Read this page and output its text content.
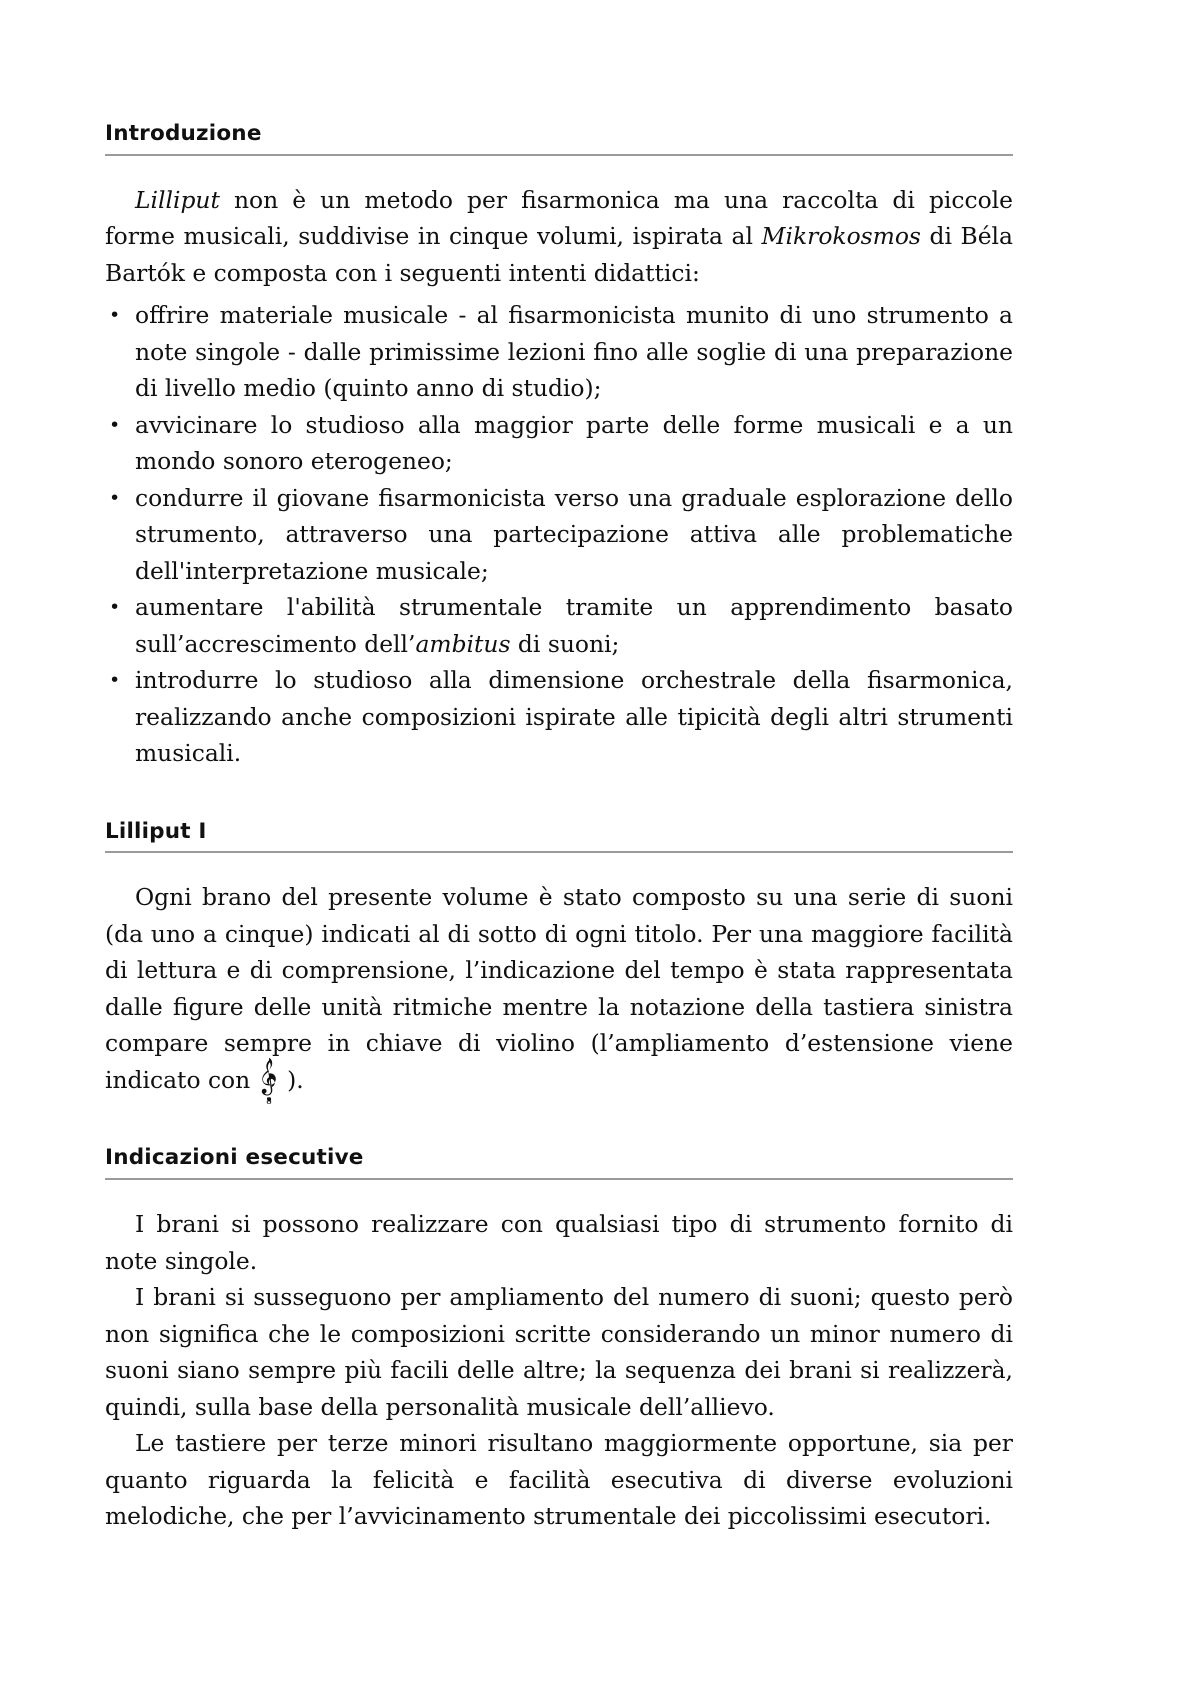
Introduzione

Lilliput non è un metodo per fisarmonica ma una raccolta di piccole forme musicali, suddivise in cinque volumi, ispirata al Mikrokosmos di Béla Bartók e composta con i seguenti intenti didattici:

• offrire materiale musicale - al fisarmonicista munito di uno strumento a note singole - dalle primissime lezioni fino alle soglie di una preparazione di livello medio (quinto anno di studio);
• avvicinare lo studioso alla maggior parte delle forme musicali e a un mondo sonoro eterogeneo;
• condurre il giovane fisarmonicista verso una graduale esplorazione dello strumento, attraverso una partecipazione attiva alle problematiche dell'interpretazione musicale;
• aumentare l'abilità strumentale tramite un apprendimento basato sull’accrescimento dell’ambitus di suoni;
• introdurre lo studioso alla dimensione orchestrale della fisarmonica, realizzando anche composizioni ispirate alle tipicità degli altri strumenti musicali.
Lilliput I

Ogni brano del presente volume è stato composto su una serie di suoni (da uno a cinque) indicati al di sotto di ogni titolo. Per una maggiore facilità di lettura e di comprensione, l’indicazione del tempo è stata rappresentata dalle figure delle unità ritmiche mentre la notazione della tastiera sinistra compare sempre in chiave di violino (l’ampliamento d’estensione viene indicato con
8
).

Indicazioni esecutive

I brani si possono realizzare con qualsiasi tipo di strumento fornito di note singole.

I brani si susseguono per ampliamento del numero di suoni; questo però non significa che le composizioni scritte considerando un minor numero di suoni siano sempre più facili delle altre; la sequenza dei brani si realizzerà, quindi, sulla base della personalità musicale dell’allievo.

Le tastiere per terze minori risultano maggiormente opportune, sia per quanto riguarda la felicità e facilità esecutiva di diverse evoluzioni melodiche, che per l’avvicinamento strumentale dei piccolissimi esecutori.
